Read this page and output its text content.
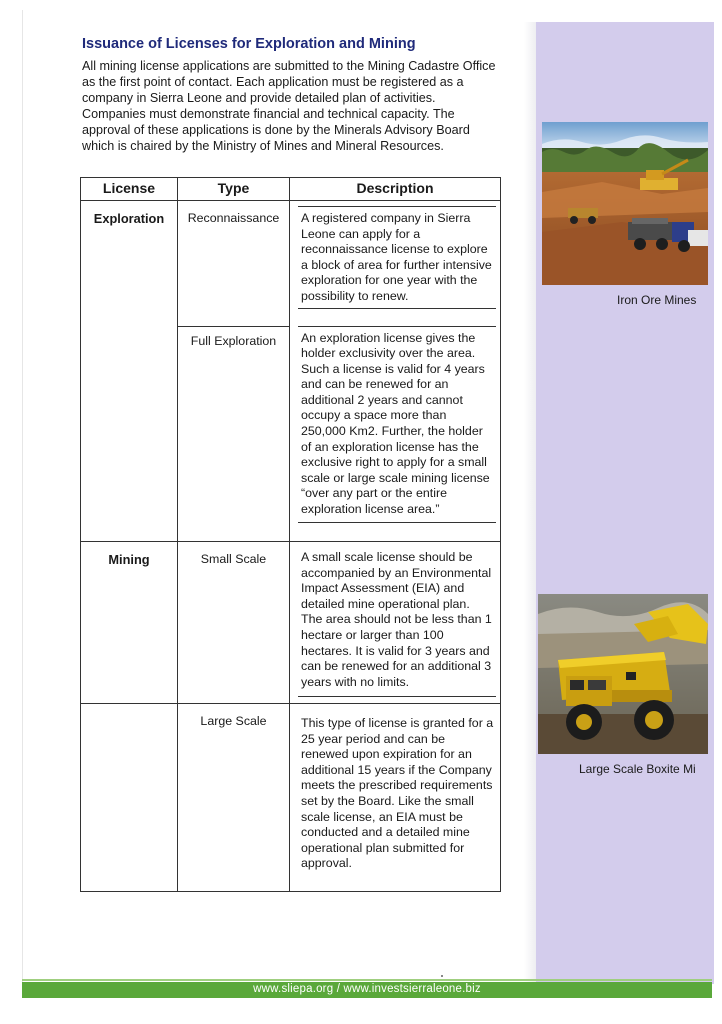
Issuance of Licenses for Exploration and Mining

All mining license applications are submitted to the Mining Cadastre Office as the first point of contact. Each application must be registered as a company in Sierra Leone and provide detailed plan of activities. Companies must demonstrate financial and technical capacity. The approval of these applications is done by the Minerals Advisory Board which is chaired by the Ministry of Mines and Mineral Resources.

License	Type	Description
Exploration	Reconnaissance	A registered company in Sierra Leone can apply for a reconnaissance license to explore a block of area for further intensive exploration for one year with the possibility to renew.

	Full Exploration	An exploration license gives the holder exclusivity over the area. Such a license is valid for 4 years and can be renewed for an additional 2 years and cannot occupy a space more than 250,000 Km2. Further, the holder of an exploration license has the exclusive right to apply for a small scale or large scale mining license “over any part or the entire exploration license area.”

Mining	Small Scale	A small scale license should be accompanied by an Environmental Impact Assessment (EIA) and detailed mine operational plan. The area should not be less than 1 hectare or larger than 100 hectares. It is valid for 3 years and can be renewed for an additional 3 years with no limits.

	Large Scale	This type of license is granted for a 25 year period and can be renewed upon expiration for an additional 15 years if the Company meets the prescribed requirements set by the Board. Like the small scale license, an EIA must be conducted and a detailed mine operational plan submitted for approval.
Iron Ore Mines
Large Scale Boxite Mi
www.sliepa.org / www.investsierraleone.biz
